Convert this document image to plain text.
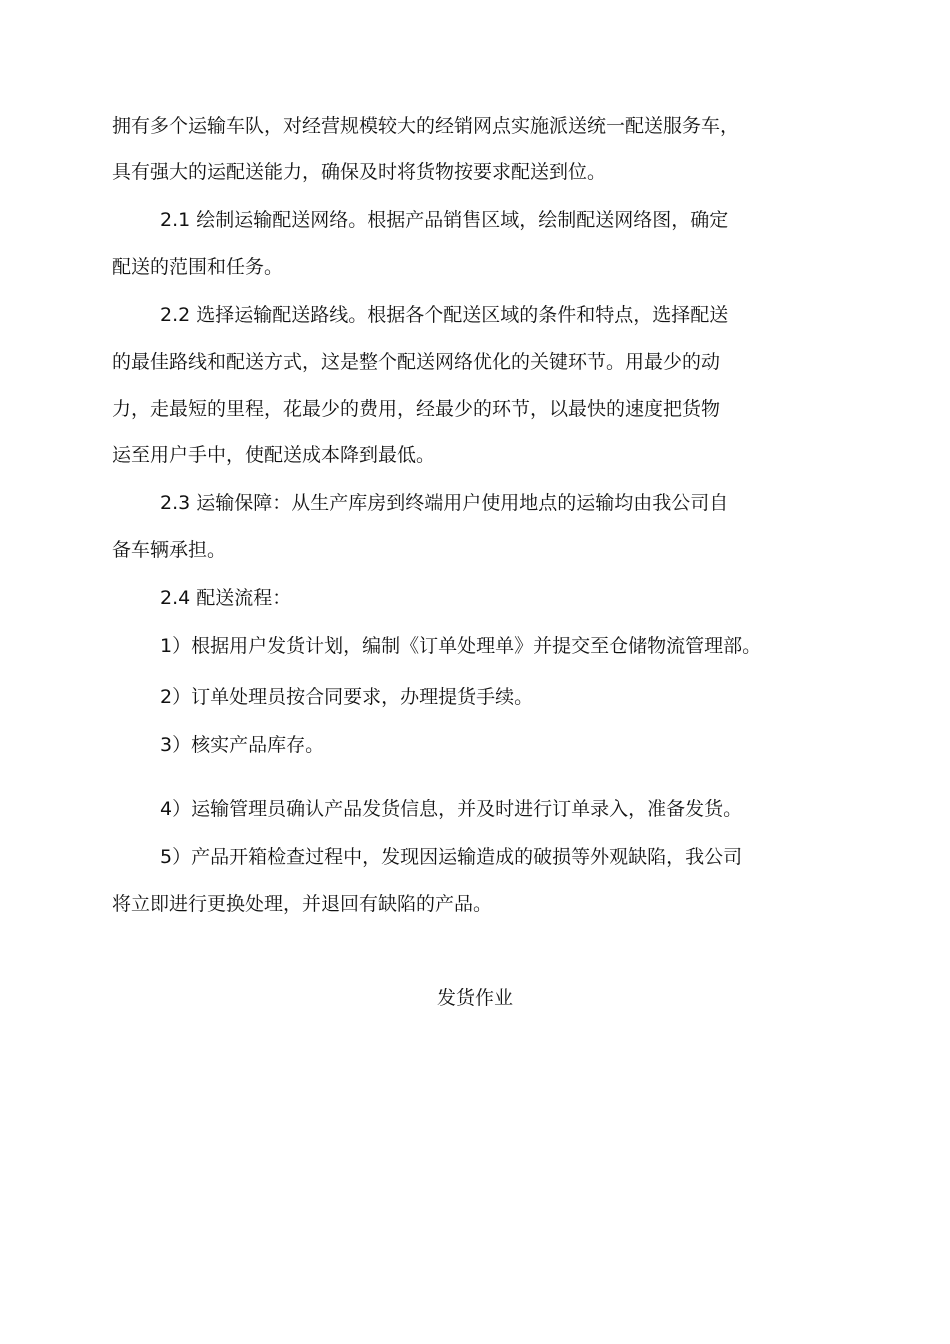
拥有多个运输车队，对经营规模较大的经销网点实施派送统一配送服务车，
具有强大的运配送能力，确保及时将货物按要求配送到位。
2.1 绘制运输配送网络。根据产品销售区域，绘制配送网络图，确定
配送的范围和任务。
2.2 选择运输配送路线。根据各个配送区域的条件和特点，选择配送
的最佳路线和配送方式，这是整个配送网络优化的关键环节。用最少的动
力，走最短的里程，花最少的费用，经最少的环节，以最快的速度把货物
运至用户手中，使配送成本降到最低。
2.3 运输保障：从生产库房到终端用户使用地点的运输均由我公司自
备车辆承担。
2.4 配送流程：
1）根据用户发货计划，编制《订单处理单》并提交至仓储物流管理部。
2）订单处理员按合同要求，办理提货手续。
3）核实产品库存。
4）运输管理员确认产品发货信息，并及时进行订单录入，准备发货。
5）产品开箱检查过程中，发现因运输造成的破损等外观缺陷，我公司
将立即进行更换处理，并退回有缺陷的产品。
发货作业
